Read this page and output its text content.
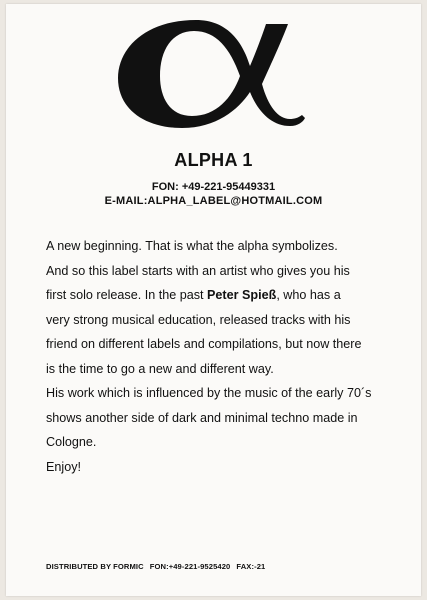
ALPHA 1
FON: +49-221-95449331
E-MAIL:ALPHA_LABEL@HOTMAIL.COM
A new beginning. That is what the alpha symbolizes.
And so this label starts with an artist who gives you his
first solo release. In the past Peter Spieß, who has a
very strong musical education, released tracks with his
friend on different labels and compilations, but now there
is the time to go a new and different way.
His work which is influenced by the music of the early 70´s
shows another side of dark and minimal techno made in
Cologne.
Enjoy!
DISTRIBUTED BY FORMIC FON:+49-221-9525420 FAX:-21
